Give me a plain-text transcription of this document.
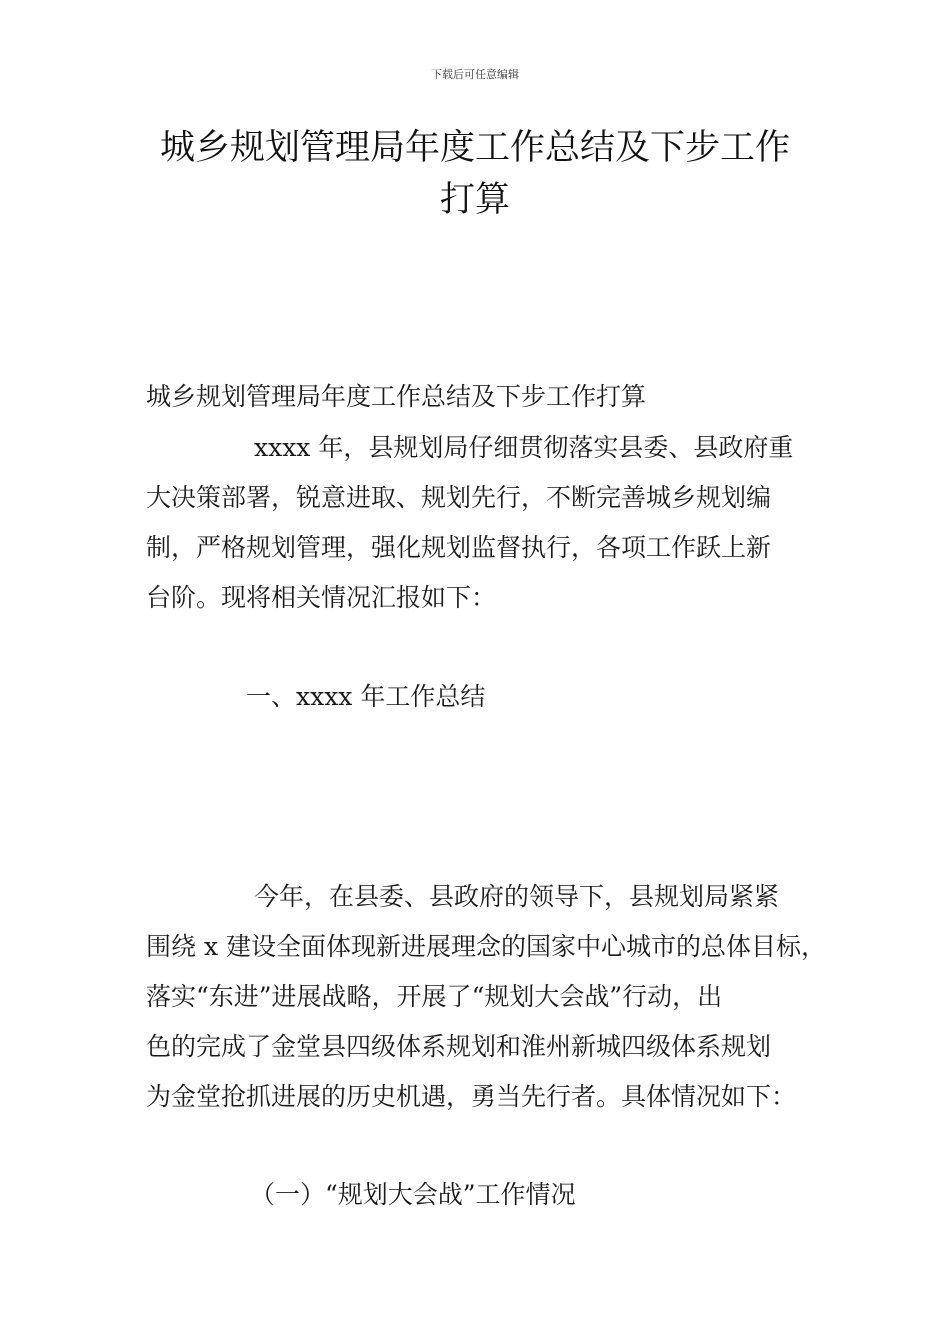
下载后可任意编辑
城乡规划管理局年度工作总结及下步工作
打算

城乡规划管理局年度工作总结及下步工作打算

xxxx 年，县规划局仔细贯彻落实县委、县政府重

大决策部署，锐意进取、规划先行，不断完善城乡规划编

制，严格规划管理，强化规划监督执行，各项工作跃上新

台阶。现将相关情况汇报如下：

一、xxxx 年工作总结

今年，在县委、县政府的领导下，县规划局紧紧

围绕 x 建设全面体现新进展理念的国家中心城市的总体目标，

落实“东进”进展战略，开展了“规划大会战”行动，出

色的完成了金堂县四级体系规划和淮州新城四级体系规划

为金堂抢抓进展的历史机遇，勇当先行者。具体情况如下：

（一）“规划大会战”工作情况
